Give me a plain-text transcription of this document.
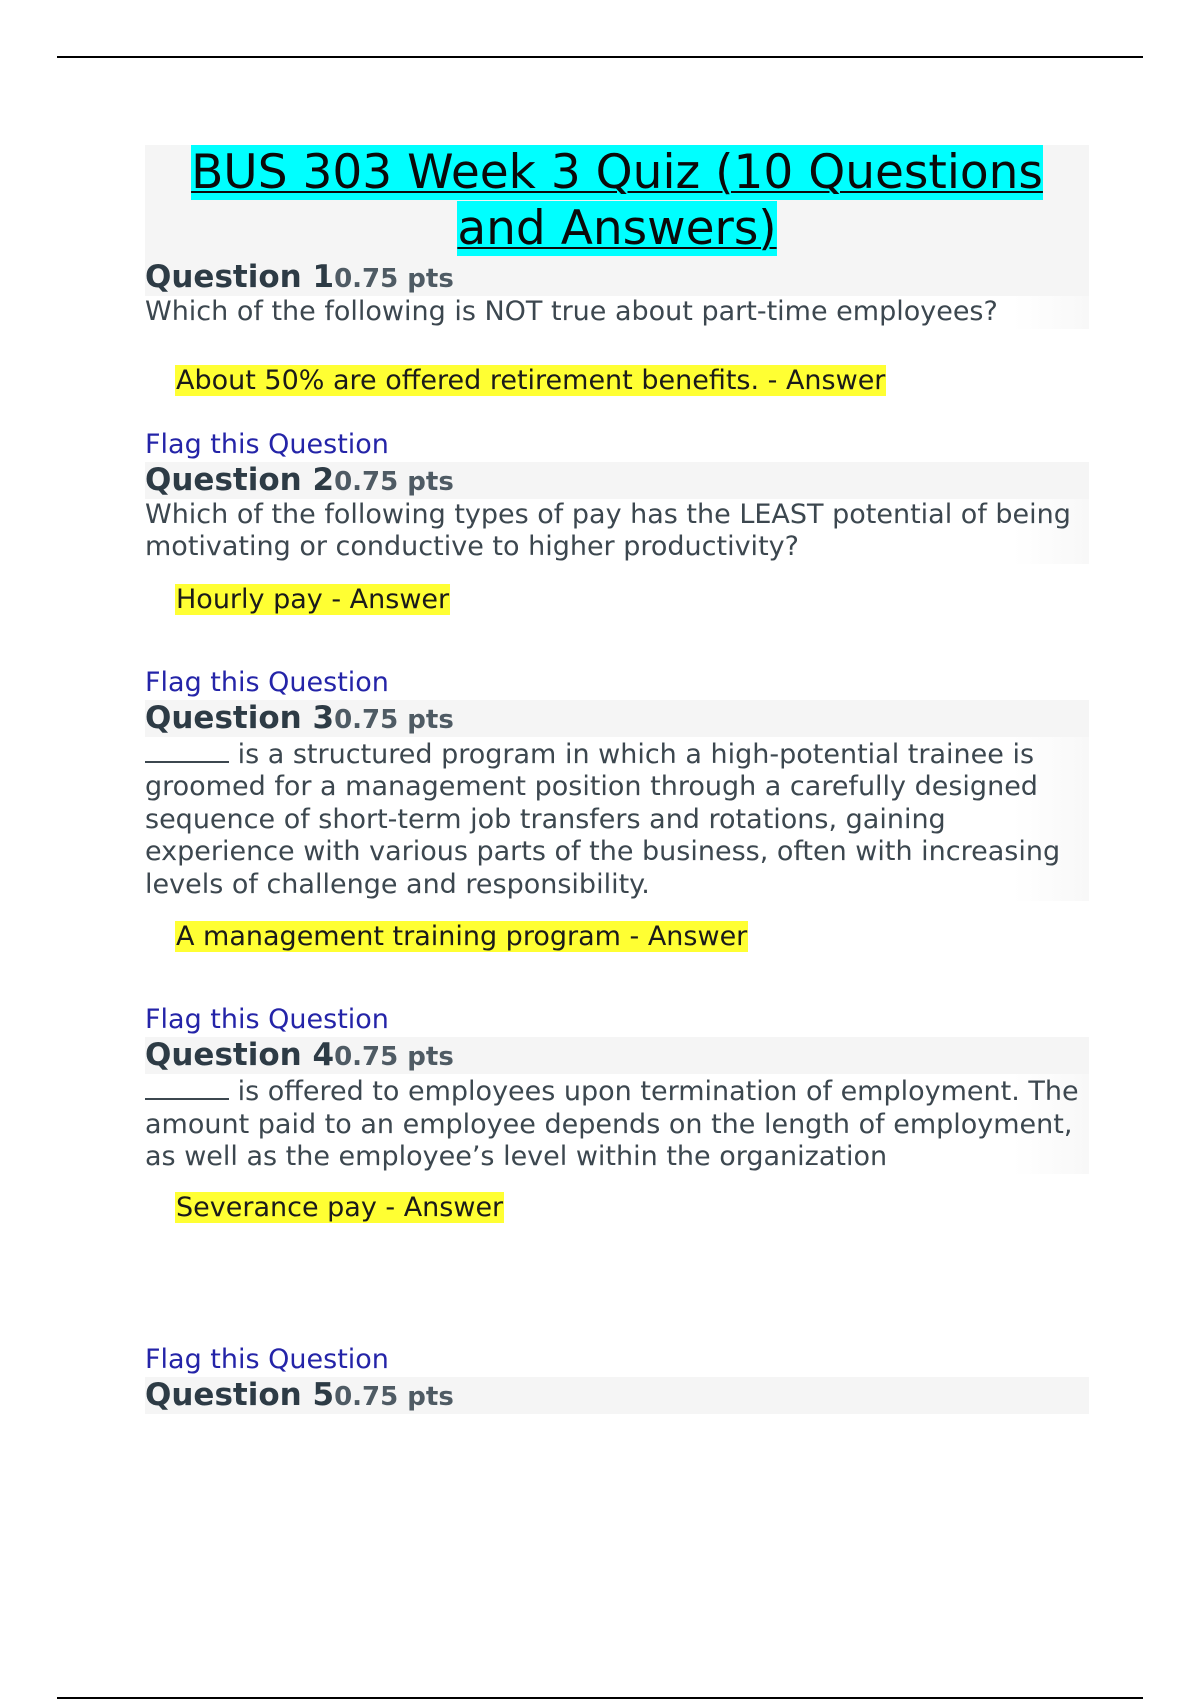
BUS 303 Week 3 Quiz (10 Questions and Answers)
Question 10.75 pts
Which of the following is NOT true about part-time employees?
About 50% are offered retirement benefits. - Answer
Flag this Question
Question 20.75 pts
Which of the following types of pay has the LEAST potential of being motivating or conductive to higher productivity?
Hourly pay - Answer
Flag this Question
Question 30.75 pts
is a structured program in which a high-potential trainee is groomed for a management position through a carefully designed sequence of short-term job transfers and rotations, gaining experience with various parts of the business, often with increasing levels of challenge and responsibility.
A management training program - Answer
Flag this Question
Question 40.75 pts
is offered to employees upon termination of employment. The amount paid to an employee depends on the length of employment, as well as the employee’s level within the organization
Severance pay - Answer
Flag this Question
Question 50.75 pts
